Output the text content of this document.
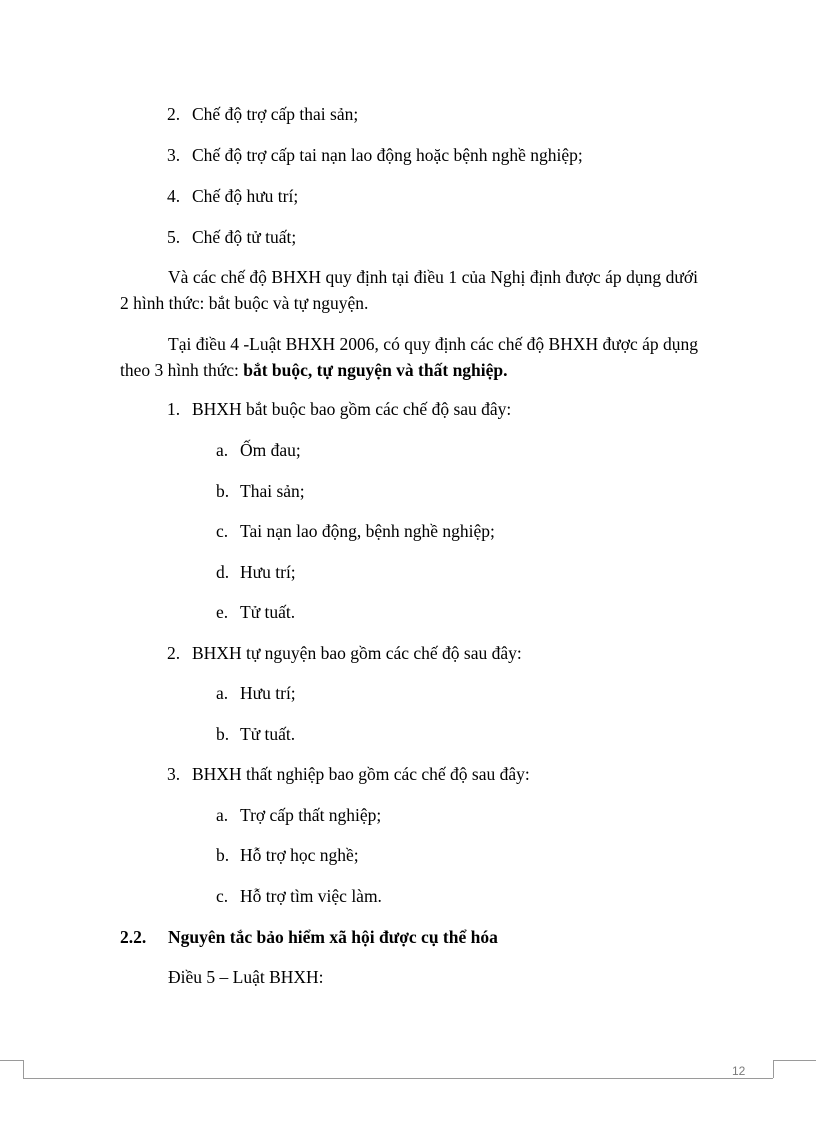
2. Chế độ trợ cấp thai sản;
3. Chế độ trợ cấp tai nạn lao động hoặc bệnh nghề nghiệp;
4. Chế độ hưu trí;
5. Chế độ tử tuất;
Và các chế độ BHXH quy định tại điều 1 của Nghị định được áp dụng dưới 2 hình thức: bắt buộc và tự nguyện.
Tại điều 4 -Luật BHXH 2006, có quy định các chế độ BHXH được áp dụng theo 3 hình thức: bắt buộc, tự nguyện và thất nghiệp.
1. BHXH bắt buộc bao gồm các chế độ sau đây:
a. Ốm đau;
b. Thai sản;
c. Tai nạn lao động, bệnh nghề nghiệp;
d. Hưu trí;
e. Tử tuất.
2. BHXH tự nguyện bao gồm các chế độ sau đây:
a. Hưu trí;
b. Tử tuất.
3. BHXH thất nghiệp bao gồm các chế độ sau đây:
a. Trợ cấp thất nghiệp;
b. Hỗ trợ học nghề;
c. Hỗ trợ tìm việc làm.
2.2. Nguyên tắc bảo hiểm xã hội được cụ thể hóa
Điều 5 – Luật BHXH:
12
